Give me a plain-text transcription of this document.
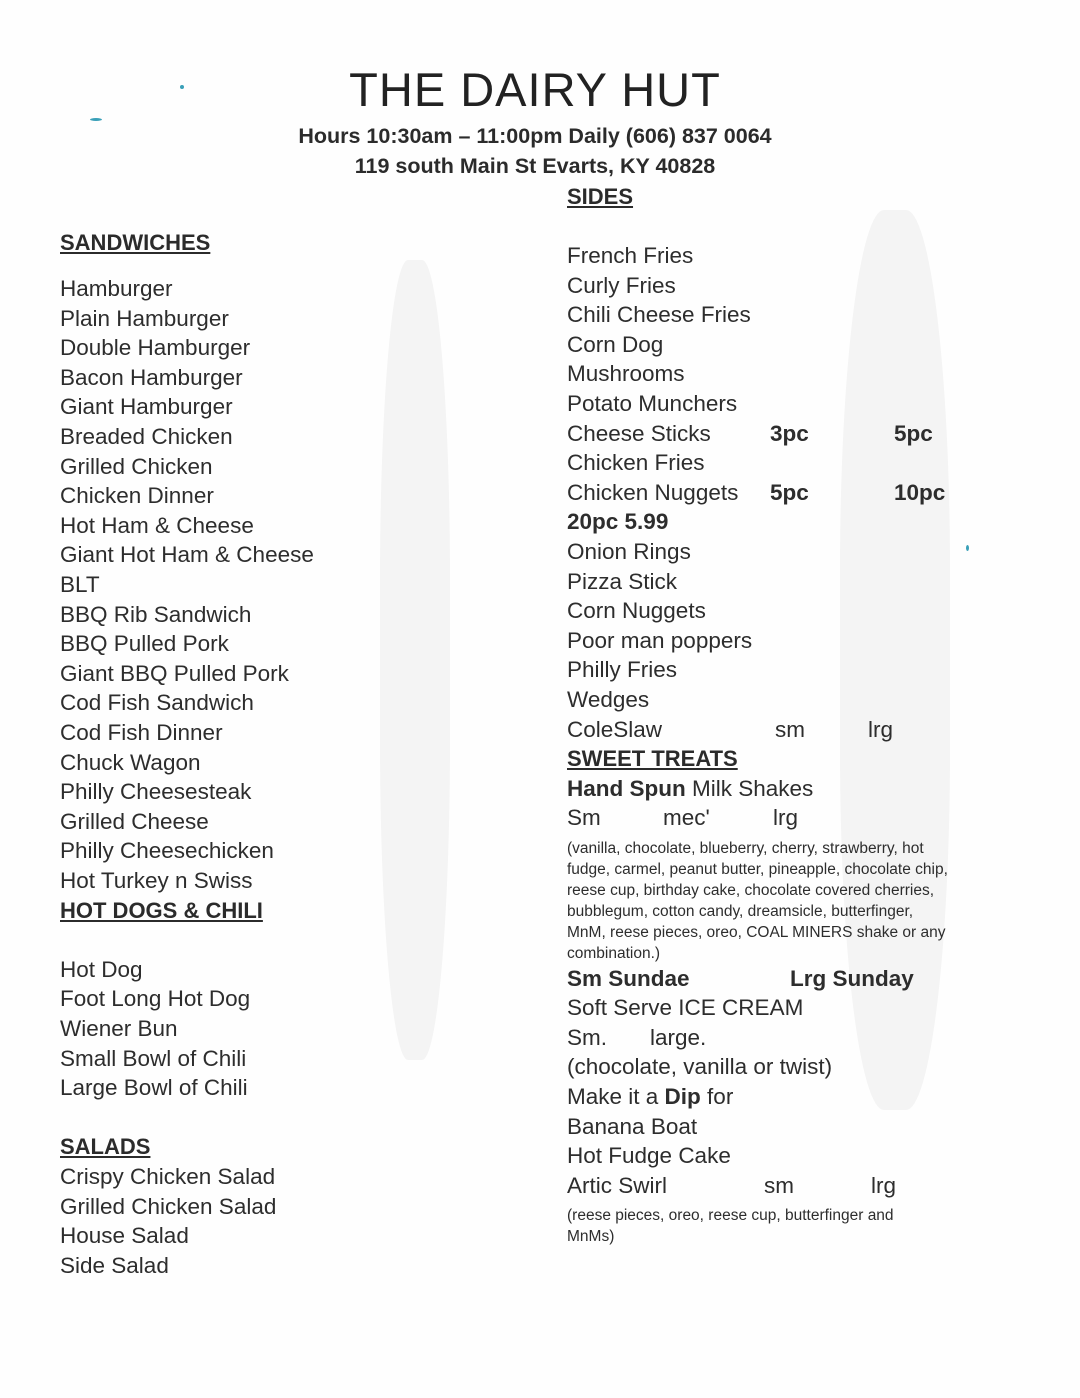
THE DAIRY HUT
Hours 10:30am – 11:00pm Daily (606) 837 0064
119 south Main St Evarts, KY 40828
SANDWICHES
Hamburger
Plain Hamburger
Double Hamburger
Bacon Hamburger
Giant Hamburger
Breaded Chicken
Grilled Chicken
Chicken Dinner
Hot Ham & Cheese
Giant Hot Ham & Cheese
BLT
BBQ Rib Sandwich
BBQ Pulled Pork
Giant BBQ Pulled Pork
Cod Fish Sandwich
Cod Fish Dinner
Chuck Wagon
Philly Cheesesteak
Grilled Cheese
Philly Cheesechicken
Hot Turkey n Swiss
HOT DOGS & CHILI
Hot Dog
Foot Long Hot Dog
Wiener Bun
Small Bowl of Chili
Large Bowl of Chili
SALADS
Crispy Chicken Salad
Grilled Chicken Salad
House Salad
Side Salad
SIDES
French Fries
Curly Fries
Chili Cheese Fries
Corn Dog
Mushrooms
Potato Munchers
Cheese Sticks	3pc	5pc
Chicken Fries
Chicken Nuggets 5pc	10pc
20pc 5.99
Onion Rings
Pizza Stick
Corn Nuggets
Poor man poppers
Philly Fries
Wedges
ColeSlaw	sm	lrg
SWEET TREATS
Hand Spun Milk Shakes
Sm	mec'	lrg
(vanilla, chocolate, blueberry, cherry, strawberry, hot
fudge, carmel, peanut butter, pineapple, chocolate chip,
reese cup, birthday cake, chocolate covered cherries,
bubblegum, cotton candy, dreamsicle, butterfinger,
MnM, reese pieces, oreo, COAL MINERS shake or any
combination.)
Sm Sundae	Lrg Sunday
Soft Serve ICE CREAM
Sm. large.
(chocolate, vanilla or twist)
Make it a Dip for
Banana Boat
Hot Fudge Cake
Artic Swirl	sm	lrg
(reese pieces, oreo, reese cup, butterfinger and
MnMs)
